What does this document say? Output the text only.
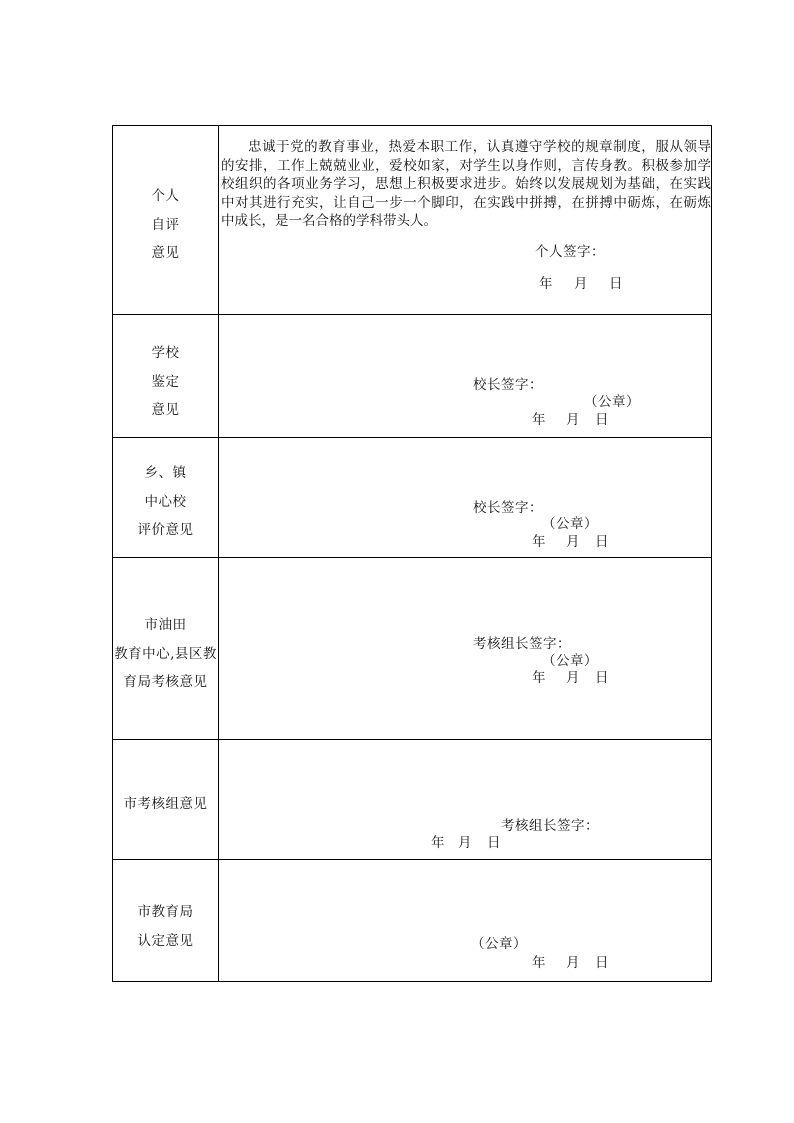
个人
自评
意见
忠诚于党的教育事业，热爱本职工作，认真遵守学校的规章制度，服从领导
的安排，工作上兢兢业业，爱校如家，对学生以身作则，言传身教。积极参加学
校组织的各项业务学习，思想上积极要求进步。始终以发展规划为基础，在实践
中对其进行充实，让自己一步一个脚印，在实践中拼搏，在拼搏中砺炼，在砺炼
中成长，是一名合格的学科带头人。
个人签字：
年 月 日
学校
鉴定
意见
校长签字：
（公章）
年 月 日
乡、镇
中心校
评价意见
校长签字：
（公章）
年 月 日
市油田
教育中心,县区教
育局考核意见
考核组长签字：
（公章）
年 月 日
市考核组意见
考核组长签字：
年 月 日
市教育局
认定意见	（公章）
年 月 日
